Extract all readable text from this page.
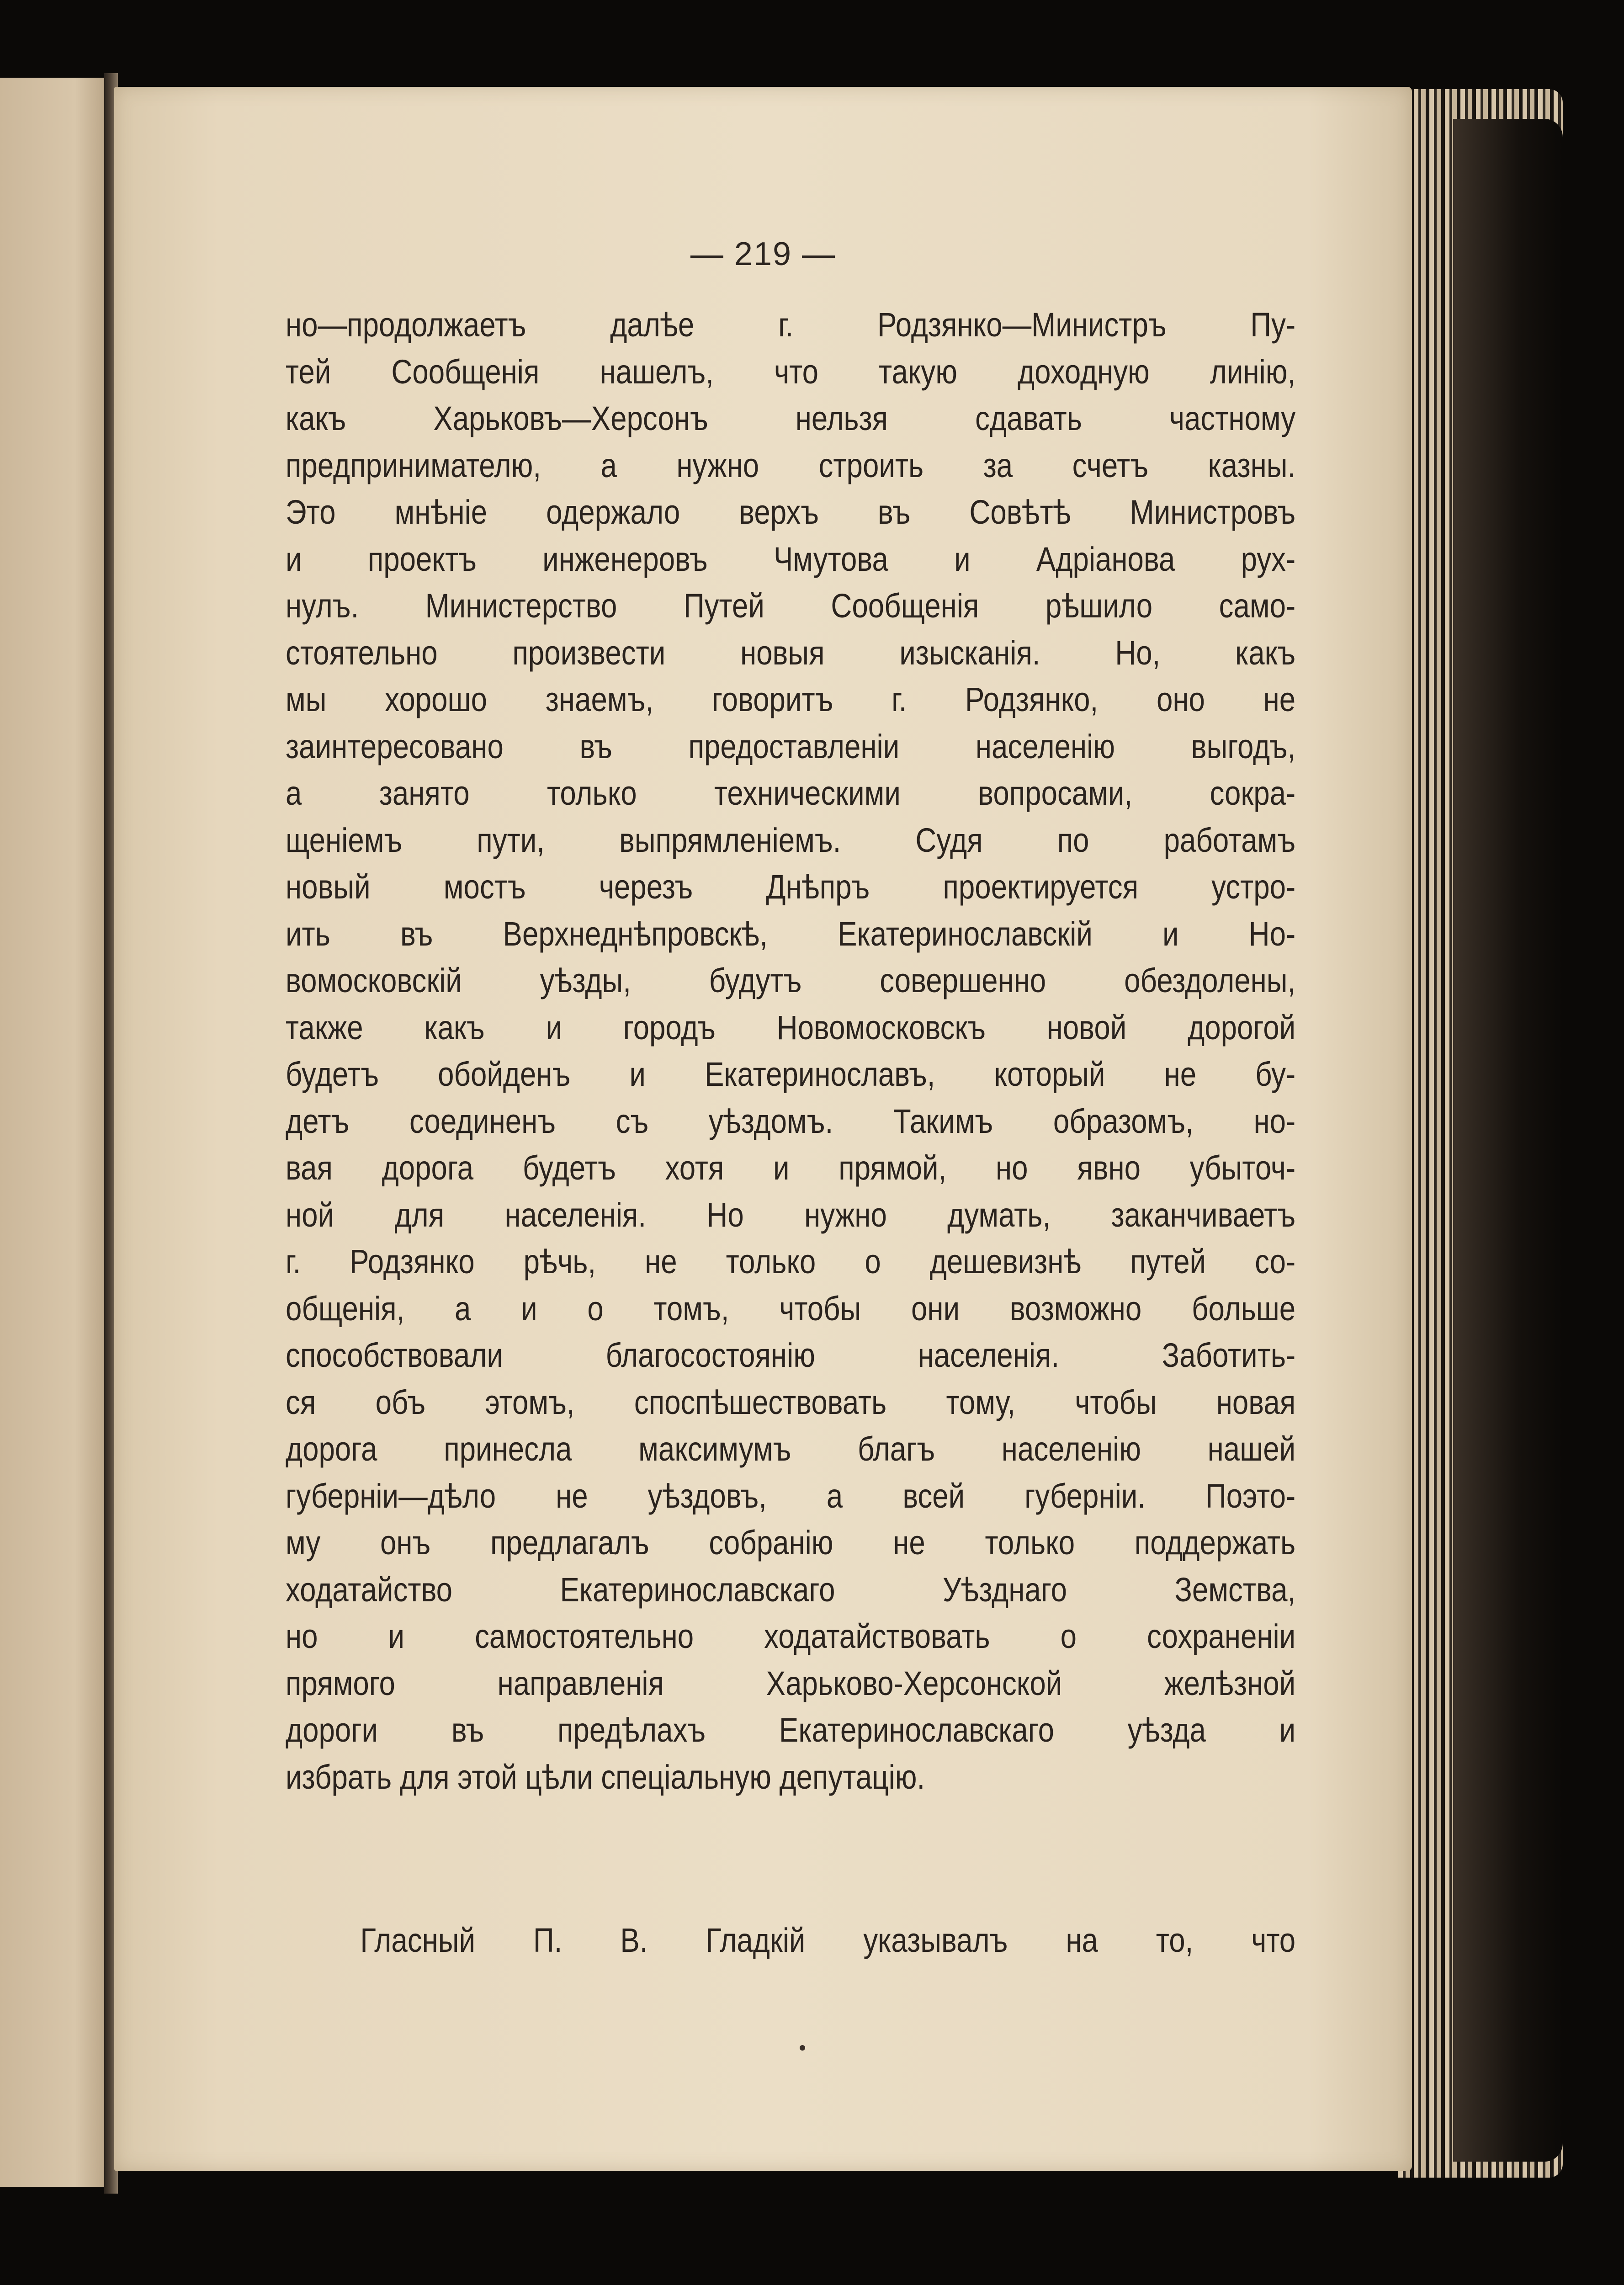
— 219 —
но—продолжаетъ далѣе г. Родзянко—Министръ Пу-
тей Сообщенія нашелъ, что такую доходную линію,
какъ Харьковъ—Херсонъ нельзя сдавать частному
предпринимателю, а нужно строить за счетъ казны.
Это мнѣніе одержало верхъ въ Совѣтѣ Министровъ
и проектъ инженеровъ Чмутова и Адріанова рух-
нулъ. Министерство Путей Сообщенія рѣшило само-
стоятельно произвести новыя изысканія. Но, какъ
мы хорошо знаемъ, говоритъ г. Родзянко, оно не
заинтересовано въ предоставленіи населенію выгодъ,
а занято только техническими вопросами, сокра-
щеніемъ пути, выпрямленіемъ. Судя по работамъ
новый мостъ черезъ Днѣпръ проектируется устро-
ить въ Верхнеднѣпровскѣ, Екатеринославскій и Но-
вомосковскій уѣзды, будутъ совершенно обездолены,
также какъ и городъ Новомосковскъ новой дорогой
будетъ обойденъ и Екатеринославъ, который не бу-
детъ соединенъ съ уѣздомъ. Такимъ образомъ, но-
вая дорога будетъ хотя и прямой, но явно убыточ-
ной для населенія. Но нужно думать, заканчиваетъ
г. Родзянко рѣчь, не только о дешевизнѣ путей со-
общенія, а и о томъ, чтобы они возможно больше
способствовали благосостоянію населенія. Заботить-
ся объ этомъ, споспѣшествовать тому, чтобы новая
дорога принесла максимумъ благъ населенію нашей
губерніи—дѣло не уѣздовъ, а всей губерніи. Поэто-
му онъ предлагалъ собранію не только поддержать
ходатайство Екатеринославскаго Уѣзднаго Земства,
но и самостоятельно ходатайствовать о сохраненіи
прямого направленія Харьково-Херсонской желѣзной
дороги въ предѣлахъ Екатеринославскаго уѣзда и
избрать для этой цѣли спеціальную депутацію.
Гласный П. В. Гладкій указывалъ на то, что
